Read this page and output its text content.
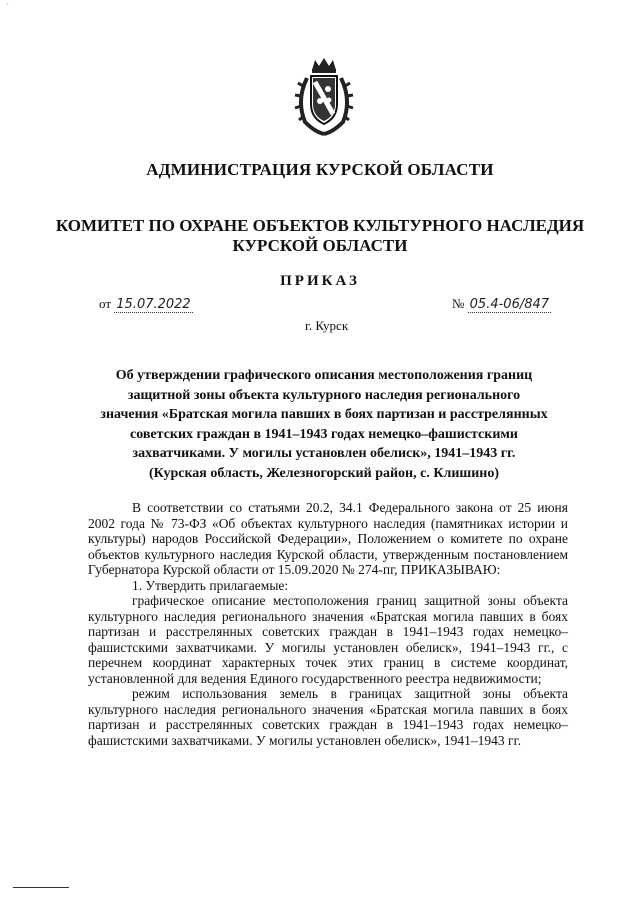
`
АДМИНИСТРАЦИЯ КУРСКОЙ ОБЛАСТИ
КОМИТЕТ ПО ОХРАНЕ ОБЪЕКТОВ КУЛЬТУРНОГО НАСЛЕДИЯ
КУРСКОЙ ОБЛАСТИ
ПРИКАЗ
от 15.07.2022	№ 05.4-06/847
г. Курск
Об утверждении графического описания местоположения границ
защитной зоны объекта культурного наследия регионального
значения «Братская могила павших в боях партизан и расстрелянных
советских граждан в 1941–1943 годах немецко–фашистскими
захватчиками. У могилы установлен обелиск», 1941–1943 гг.
(Курская область, Железногорский район, с. Клишино)

В соответствии со статьями 20.2, 34.1 Федерального закона от 25 июня 2002 года № 73-ФЗ «Об объектах культурного наследия (памятниках истории и культуры) народов Российской Федерации», Положением о комитете по охране объектов культурного наследия Курской области, утвержденным постановлением Губернатора Курской области от 15.09.2020 № 274-пг, ПРИКАЗЫВАЮ:

1. Утвердить прилагаемые:

графическое описание местоположения границ защитной зоны объекта культурного наследия регионального значения «Братская могила павших в боях партизан и расстрелянных советских граждан в 1941–1943 годах немецко–фашистскими захватчиками. У могилы установлен обелиск», 1941–1943 гг., с перечнем координат характерных точек этих границ в системе координат, установленной для ведения Единого государственного реестра недвижимости;

режим использования земель в границах защитной зоны объекта культурного наследия регионального значения «Братская могила павших в боях партизан и расстрелянных советских граждан в 1941–1943 годах немецко–фашистскими захватчиками. У могилы установлен обелиск», 1941–1943 гг.
